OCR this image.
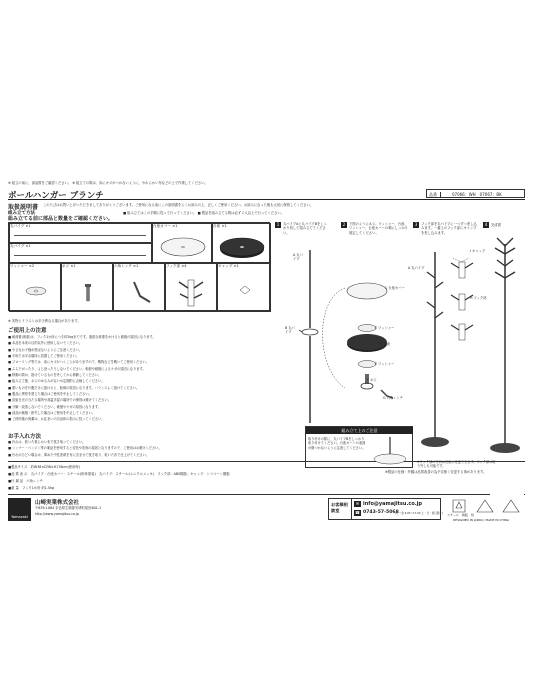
※ 組立の前に、部品数をご確認ください。 ※ 組立ての際は、床にキズがつかないように、やわらかい布などの上で作業してください。
ポールハンガー ブランチ	品番	07066：WH　07067：BK
取扱説明書 このたびはお買い上げいただきましてありがとうございます。ご使用になる前にこの説明書をよくお読みの上、正しくご使用ください。お読みになった後も大切に保管してください。
組み立て方法
組み立てる前に部品と数量をご確認ください。
■ 組み立てはこの手順に従って行ってください。 ■ 製品を組み立てる際は必ず２人以上で行ってください。
丸パイプ ×1
丸パイプ ×1
台座カバー ×1	台座 ×1
ワッシャー ×2	ネジ ×1	六角レンチ ×1	フック部 ×4	キャップ ×1
※ 実物とイラストは多少異なる場合があります。
ご使用上の注意
■ 耐荷重(荷重)は、フック1か所につき約2kgまでです。過度な荷重をかけると破損の原因になります。
■ 本品を本来の目的以外に使用しないでください。
■ 小さなお子様が遊ばないようにご注意ください。
■ 平坦で水平な場所に設置してご使用ください。
■ フローリング等では、床にキズがつくことがありますので、敷物などを敷いてご使用ください。
■ ぶら下がったり、よじ登ったりしないでください。転倒や破損によるケガの原因になります。
■ 移動の際は、掛けているものを外してから移動してください。
■ 組み立て後、ネジのゆるみがないか定期的に点検してください。
■ 重いものを片側だけに掛けると、転倒の原因になります。バランスよく掛けてください。
■ 製品に異常を感じた場合はご使用を中止してください。
■ 直射日光の当たる場所や高温多湿の場所での保管は避けてください。
■ 分解・改造しないでください。破損やケガの原因になります。
■ 部品が破損・紛失した場合はご使用を中止してください。
■ ご使用後の廃棄は、お住まいの自治体の指示に従ってください。
お手入れ方法
■ 汚れは、乾いた柔らかい布で拭き取ってください。
■ シンナー・ベンジン等の薬品を使用すると変色や変形の原因となりますので、ご使用はお避けください。
■ 汚れがひどい場合は、薄めた中性洗剤を布に含ませて拭き取り、乾いた布で仕上げてください。
■製品サイズ　 約W38×D38×H176cm(使用時)
■品 質 表 示　 丸パイプ・台座カバー：スチール(粉体塗装)　丸パイプ：スチール(ユニクロメッキ)　フック部：ABS樹脂／キャップ：シリコーン樹脂
■付 属 品　 六角レンチ
■重 量　 フック1か所 約1.5kg
※製品の仕様・外観は品質改善の為予告無く変更する事があります。
Yamazaki
山崎実業株式会社
〒639-1064 奈良県生駒郡安堵町窪田601-1
http://www.yamajitsu.co.jp
お客様相談室
✉ info@yamajitsu.co.jp
☎ 0743-57-5068
(月〜金 9:00〜17:00 土・日・祝日除く) スチール　 樹脂　 紙
DESIGNED IN JAPAN / MADE IN CHINA
1	丸パイプAと丸パイプBをしっかり回して組み立ててください。
A 丸パイプ
B 丸パイプ
2	下図のようにネジ、ワッシャー、台座、ワッシャー、台座カバーの順にしっかり固定してください。
C 台座カバー
E ワッシャー
D 台座
E ワッシャー
F ネジ
G 六角レンチ
組み立て上のご注意
取り付けの際に、丸パイプBをしっかり取り付けてください。台座カバーの表面が傷つかないように注意してください。
3	フック部を丸パイプに一つずつ差し込みます。一番上のフック部にキャップを差し込みます。
A 丸パイプ
I キャップ
H フック部
4	完成図
※フック部の方向は自由に変更できます。フック部は取り外しも可能です。
